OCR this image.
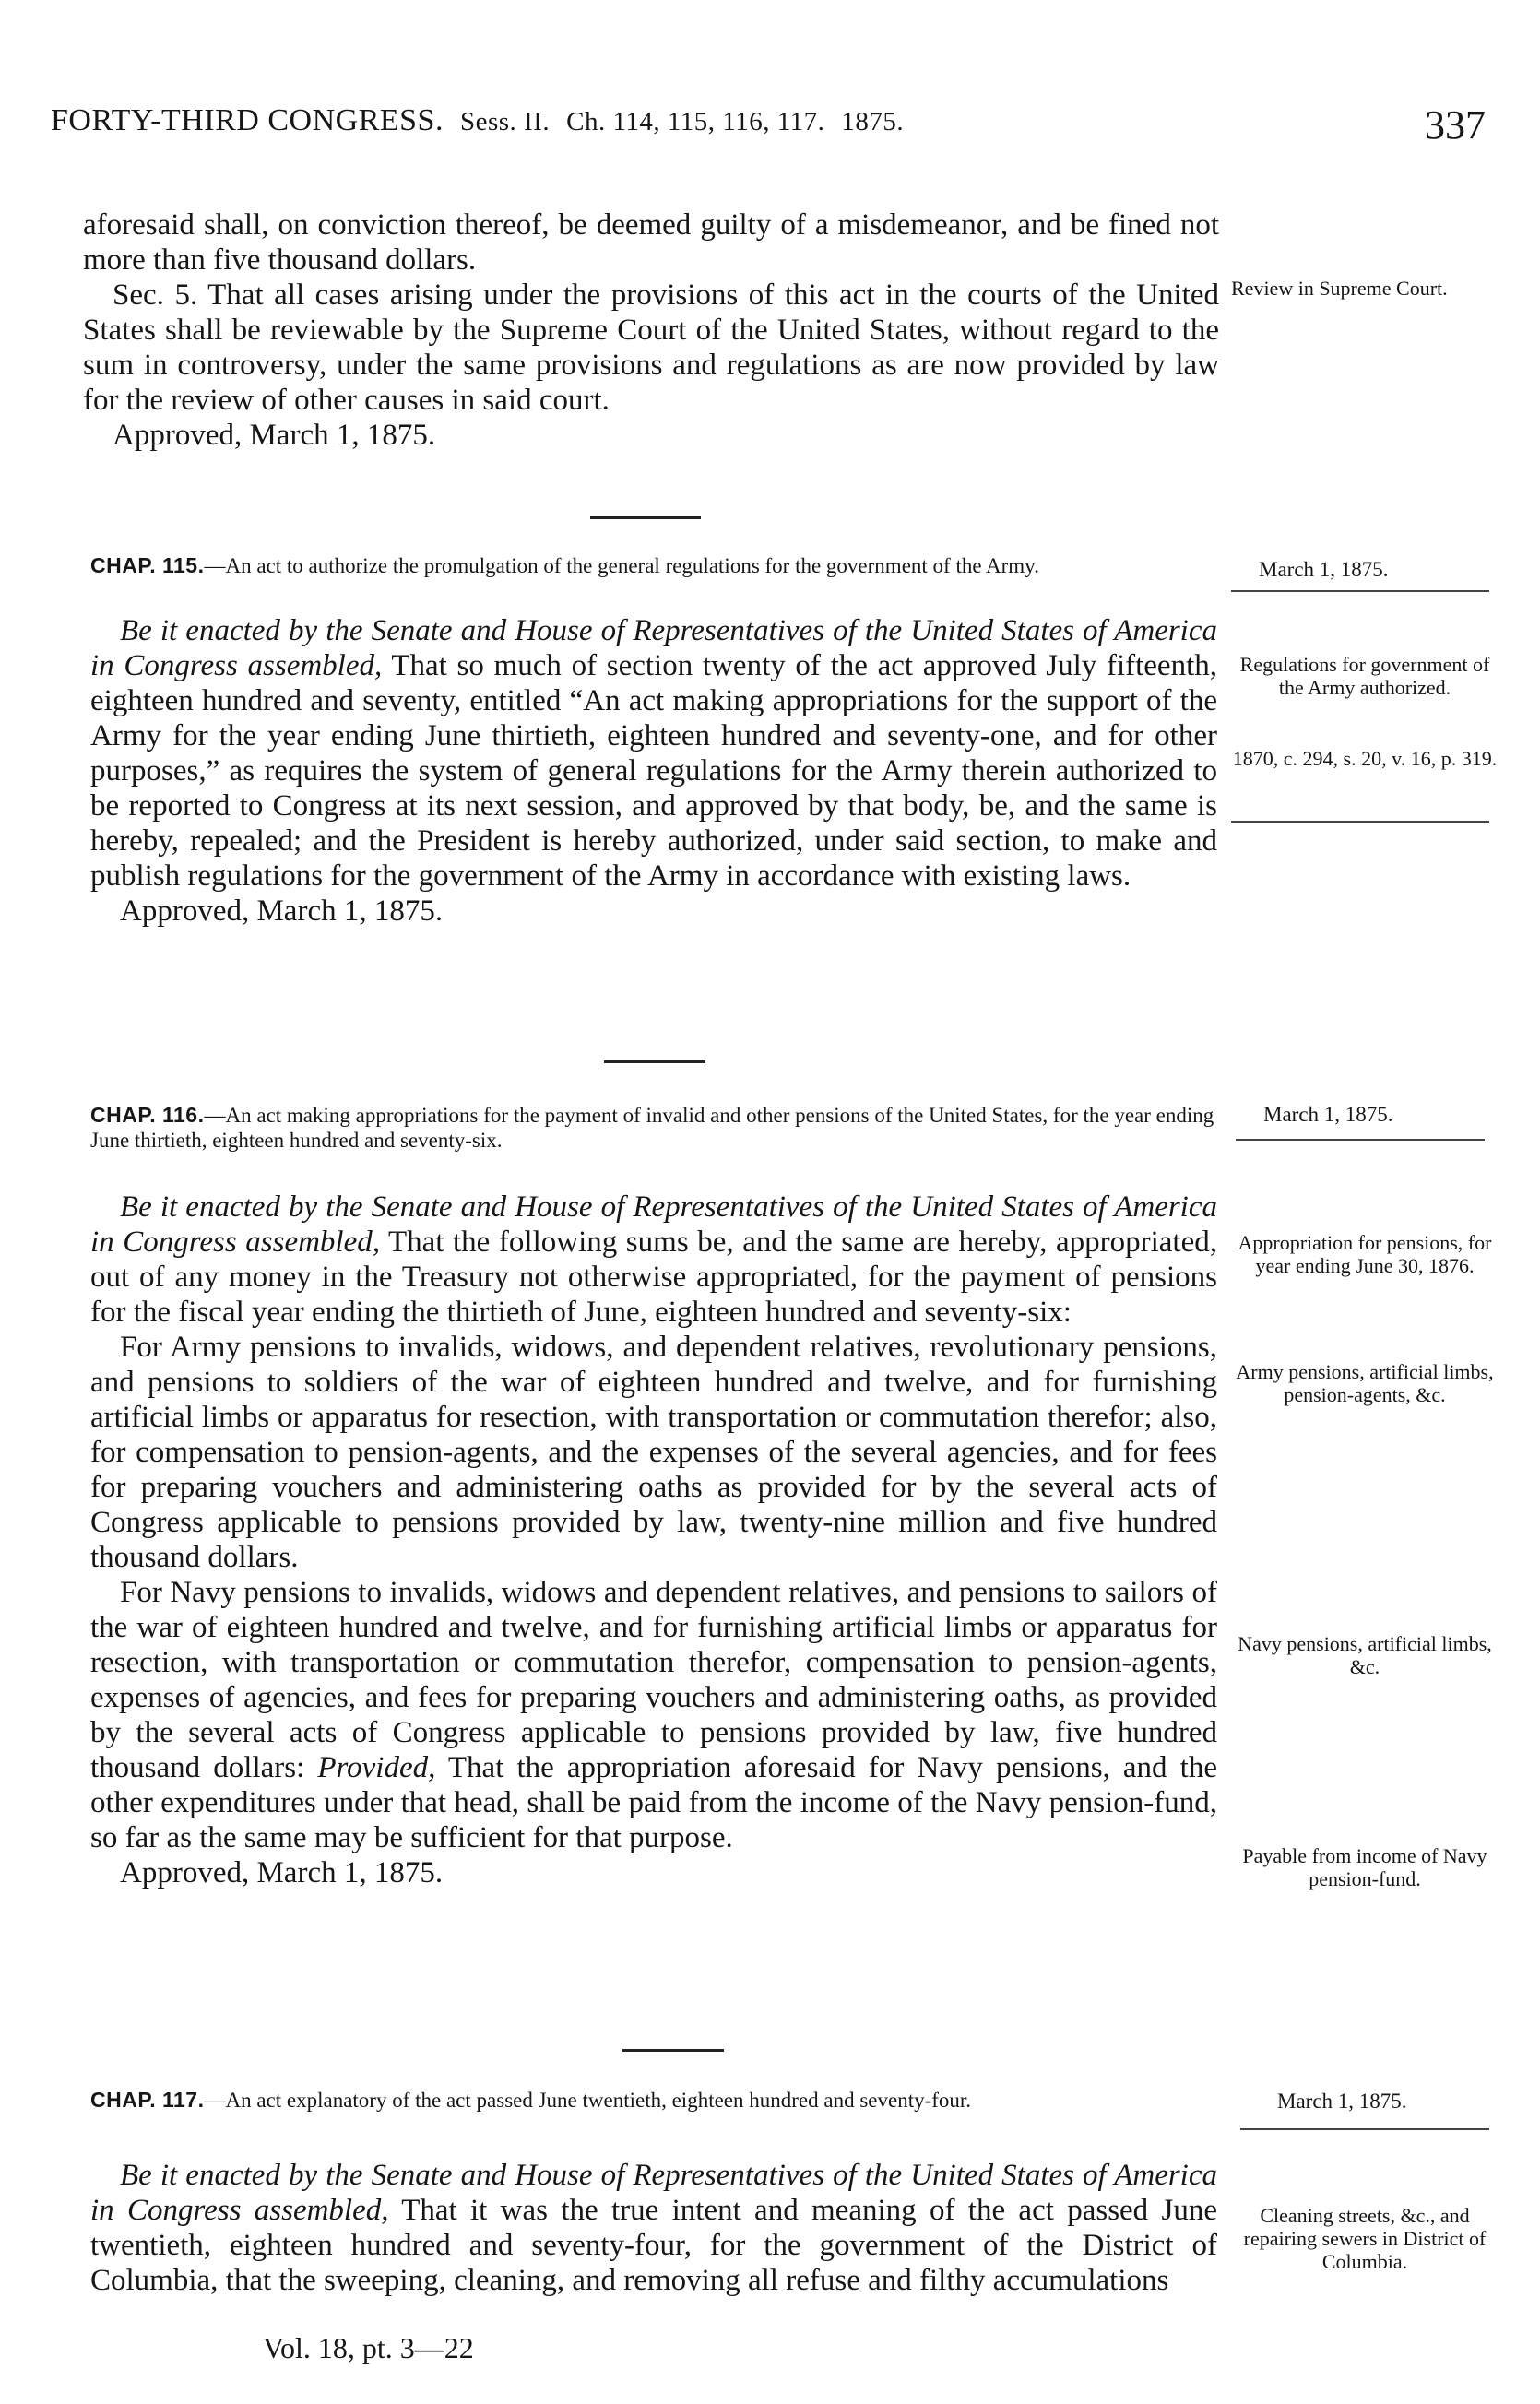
FORTY-THIRD CONGRESS. Sess. II. Ch. 114, 115, 116, 117. 1875.	337

aforesaid shall, on conviction thereof, be deemed guilty of a misdemeanor, and be fined not more than five thousand dollars.

Sec. 5. That all cases arising under the provisions of this act in the courts of the United States shall be reviewable by the Supreme Court of the United States, without regard to the sum in controversy, under the same provisions and regulations as are now provided by law for the review of other causes in said court.

Approved, March 1, 1875.

Review in Supreme Court.
CHAP. 115.—An act to authorize the promulgation of the general regulations for the government of the Army.	March 1, 1875.

Be it enacted by the Senate and House of Representatives of the United States of America in Congress assembled, That so much of section twenty of the act approved July fifteenth, eighteen hundred and seventy, entitled “An act making appropriations for the support of the Army for the year ending June thirtieth, eighteen hundred and seventy-one, and for other purposes,” as requires the system of general regulations for the Army therein authorized to be reported to Congress at its next session, and approved by that body, be, and the same is hereby, repealed; and the President is hereby authorized, under said section, to make and publish regulations for the government of the Army in accordance with existing laws.

Approved, March 1, 1875.

Regulations for government of the Army authorized.
1870, c. 294, s. 20, v. 16, p. 319.
CHAP. 116.—An act making appropriations for the payment of invalid and other pensions of the United States, for the year ending June thirtieth, eighteen hundred and seventy-six.
March 1, 1875.

Be it enacted by the Senate and House of Representatives of the United States of America in Congress assembled, That the following sums be, and the same are hereby, appropriated, out of any money in the Treasury not otherwise appropriated, for the payment of pensions for the fiscal year ending the thirtieth of June, eighteen hundred and seventy-six:

For Army pensions to invalids, widows, and dependent relatives, revolutionary pensions, and pensions to soldiers of the war of eighteen hundred and twelve, and for furnishing artificial limbs or apparatus for resection, with transportation or commutation therefor; also, for compensation to pension-agents, and the expenses of the several agencies, and for fees for preparing vouchers and administering oaths as provided for by the several acts of Congress applicable to pensions provided by law, twenty-nine million and five hundred thousand dollars.

For Navy pensions to invalids, widows and dependent relatives, and pensions to sailors of the war of eighteen hundred and twelve, and for furnishing artificial limbs or apparatus for resection, with transportation or commutation therefor, compensation to pension-agents, expenses of agencies, and fees for preparing vouchers and administering oaths, as provided by the several acts of Congress applicable to pensions provided by law, five hundred thousand dollars: Provided, That the appropriation aforesaid for Navy pensions, and the other expenditures under that head, shall be paid from the income of the Navy pension-fund, so far as the same may be sufficient for that purpose.

Approved, March 1, 1875.

Appropriation for pensions, for year ending June 30, 1876.
Army pensions, artificial limbs, pension-agents, &c.
Navy pensions, artificial limbs, &c.
Payable from income of Navy pension-fund.
CHAP. 117.—An act explanatory of the act passed June twentieth, eighteen hundred and seventy-four.	March 1, 1875.

Be it enacted by the Senate and House of Representatives of the United States of America in Congress assembled, That it was the true intent and meaning of the act passed June twentieth, eighteen hundred and seventy-four, for the government of the District of Columbia, that the sweeping, cleaning, and removing all refuse and filthy accumulations

Cleaning streets, &c., and repairing sewers in District of Columbia.
Vol. 18, pt. 3—22
